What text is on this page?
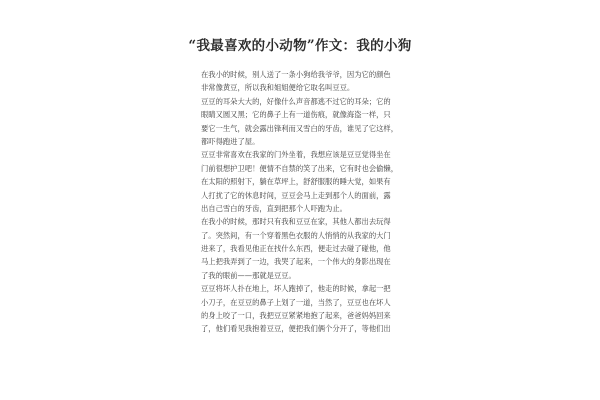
“我最喜欢的小动物”作文：我的小狗
在我小的时候，别人送了一条小狗给我爷爷，因为它的颜色
非常像黄豆，所以我和姐姐便给它取名叫豆豆。
豆豆的耳朵大大的，好像什么声音都逃不过它的耳朵；它的
眼睛又圆又黑；它的鼻子上有一道伤痕，就像海盗一样，只
要它一生气，就会露出锋利而又雪白的牙齿，谁见了它这样，
都吓得跑进了屋。
豆豆非常喜欢在我家的门外坐着，我想应该是豆豆觉得坐在
门前很想护卫吧！便情不自禁的笑了出来，它有时也会偷懒，
在太阳的照射下，躺在草坪上，舒舒服服的睡大觉，如果有
人打扰了它的休息时间，豆豆会马上走到那个人的面前，露
出自己雪白的牙齿，直到把那个人吓跑为止。
在我小的时候，那时只有我和豆豆在家，其他人都出去玩得
了。突然间，有一个穿着黑色衣服的人悄悄的从我家的大门
进来了，我看见他正在找什么东西，便走过去碰了碰他，他
马上把我弄到了一边，我哭了起来，一个伟大的身影出现在
了我的眼前——那就是豆豆。
豆豆将坏人扑在地上，坏人跑掉了，他走的时候，拿起一把
小刀子，在豆豆的鼻子上划了一道，当然了，豆豆也在坏人
的身上咬了一口，我把豆豆紧紧地抱了起来，爸爸妈妈回来
了，他们看见我抱着豆豆，便把我们俩个分开了，等他们出
